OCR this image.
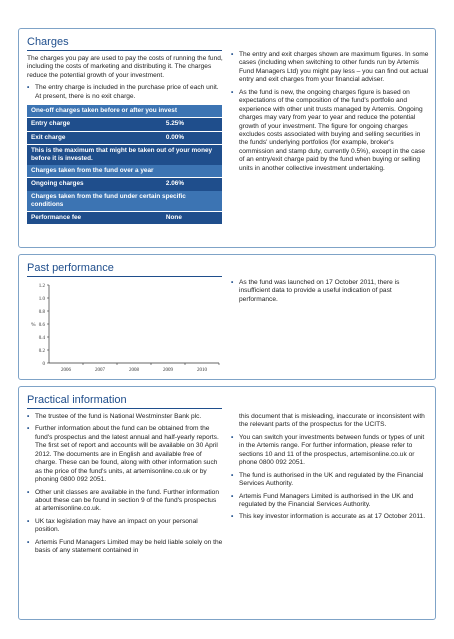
Charges

The charges you pay are used to pay the costs of running the fund, including the costs of marketing and distributing it. The charges reduce the potential growth of your investment.

• The entry charge is included in the purchase price of each unit. At present, there is no exit charge.
One-off charges taken before or after you invest	
Entry charge	5.25%
Exit charge	0.00%
This is the maximum that might be taken out of your money before it is invested.	
Charges taken from the fund over a year	
Ongoing charges	2.06%
Charges taken from the fund under certain specific conditions	
Performance fee	None
• The entry and exit charges shown are maximum figures. In some cases (including when switching to other funds run by Artemis Fund Managers Ltd) you might pay less – you can find out actual entry and exit charges from your financial adviser.
• As the fund is new, the ongoing charges figure is based on expectations of the composition of the fund's portfolio and experience with other unit trusts managed by Artemis. Ongoing charges may vary from year to year and reduce the potential growth of your investment. The figure for ongoing charges excludes costs associated with buying and selling securities in the funds' underlying portfolios (for example, broker's commission and stamp duty, currently 0.5%), except in the case of an entry/exit charge paid by the fund when buying or selling units in another collective investment undertaking.
Past performance
0
0.2
0.4
0.6
0.8
1.0
1.2
%
2006	2007	2008	2009	2010
• As the fund was launched on 17 October 2011, there is insufficient data to provide a useful indication of past performance.
Practical information
• The trustee of the fund is National Westminster Bank plc.
• Further information about the fund can be obtained from the fund's prospectus and the latest annual and half-yearly reports. The first set of report and accounts will be available on 30 April 2012. The documents are in English and available free of charge. These can be found, along with other information such as the price of the fund's units, at artemisonline.co.uk or by phoning 0800 092 2051.
• Other unit classes are available in the fund. Further information about these can be found in section 9 of the fund's prospectus at artemisonline.co.uk.
• UK tax legislation may have an impact on your personal position.
• Artemis Fund Managers Limited may be held liable solely on the basis of any statement contained in

this document that is misleading, inaccurate or inconsistent with the relevant parts of the prospectus for the UCITS.

• You can switch your investments between funds or types of unit in the Artemis range. For further information, please refer to sections 10 and 11 of the prospectus, artemisonline.co.uk or phone 0800 092 2051.
• The fund is authorised in the UK and regulated by the Financial Services Authority.
• Artemis Fund Managers Limited is authorised in the UK and regulated by the Financial Services Authority.
• This key investor information is accurate as at 17 October 2011.
